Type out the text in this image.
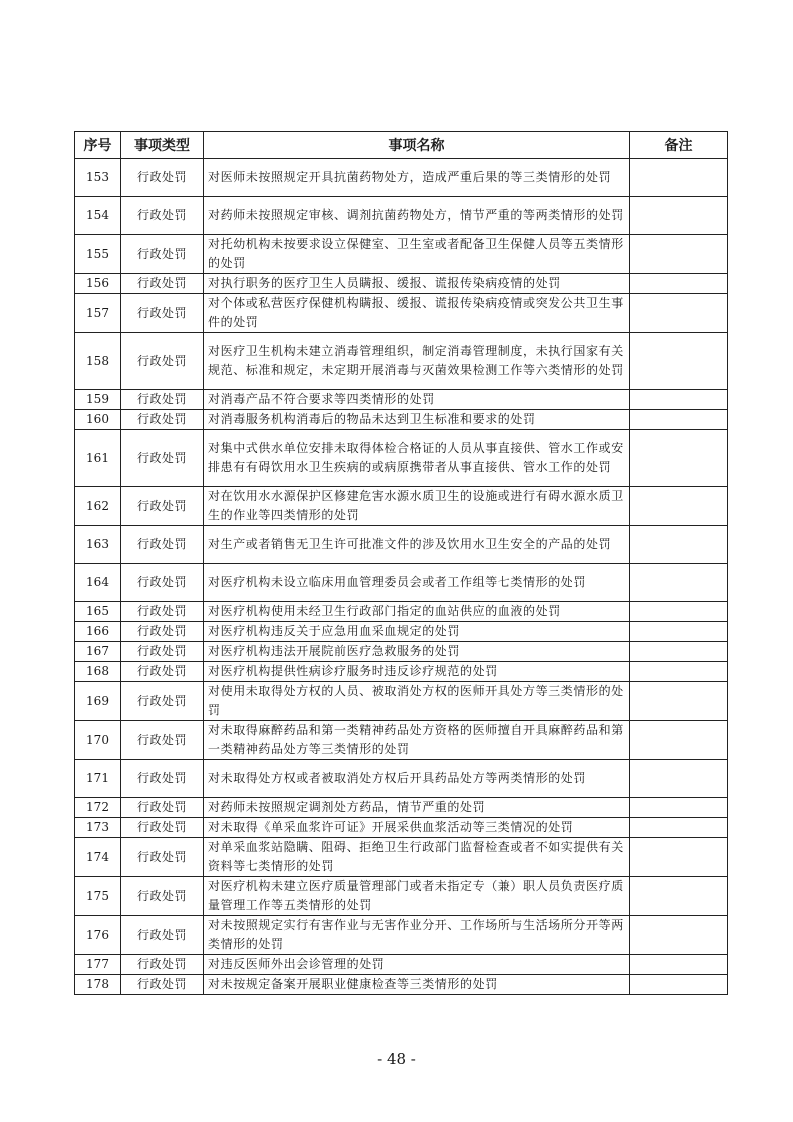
序号	事项类型	事项名称	备注
153	行政处罚	对医师未按照规定开具抗菌药物处方，造成严重后果的等三类情形的处罚	
154	行政处罚	对药师未按照规定审核、调剂抗菌药物处方，情节严重的等两类情形的处罚	
155	行政处罚	对托幼机构未按要求设立保健室、卫生室或者配备卫生保健人员等五类情形的处罚	
156	行政处罚	对执行职务的医疗卫生人员瞒报、缓报、谎报传染病疫情的处罚	
157	行政处罚	对个体或私营医疗保健机构瞒报、缓报、谎报传染病疫情或突发公共卫生事件的处罚	
158	行政处罚	对医疗卫生机构未建立消毒管理组织，制定消毒管理制度，未执行国家有关规范、标准和规定，未定期开展消毒与灭菌效果检测工作等六类情形的处罚	
159	行政处罚	对消毒产品不符合要求等四类情形的处罚	
160	行政处罚	对消毒服务机构消毒后的物品未达到卫生标准和要求的处罚	
161	行政处罚	对集中式供水单位安排未取得体检合格证的人员从事直接供、管水工作或安排患有有碍饮用水卫生疾病的或病原携带者从事直接供、管水工作的处罚	
162	行政处罚	对在饮用水水源保护区修建危害水源水质卫生的设施或进行有碍水源水质卫生的作业等四类情形的处罚	
163	行政处罚	对生产或者销售无卫生许可批准文件的涉及饮用水卫生安全的产品的处罚	
164	行政处罚	对医疗机构未设立临床用血管理委员会或者工作组等七类情形的处罚	
165	行政处罚	对医疗机构使用未经卫生行政部门指定的血站供应的血液的处罚	
166	行政处罚	对医疗机构违反关于应急用血采血规定的处罚	
167	行政处罚	对医疗机构违法开展院前医疗急救服务的处罚	
168	行政处罚	对医疗机构提供性病诊疗服务时违反诊疗规范的处罚	
169	行政处罚	对使用未取得处方权的人员、被取消处方权的医师开具处方等三类情形的处罚	
170	行政处罚	对未取得麻醉药品和第一类精神药品处方资格的医师擅自开具麻醉药品和第一类精神药品处方等三类情形的处罚	
171	行政处罚	对未取得处方权或者被取消处方权后开具药品处方等两类情形的处罚	
172	行政处罚	对药师未按照规定调剂处方药品，情节严重的处罚	
173	行政处罚	对未取得《单采血浆许可证》开展采供血浆活动等三类情况的处罚	
174	行政处罚	对单采血浆站隐瞒、阻碍、拒绝卫生行政部门监督检查或者不如实提供有关资料等七类情形的处罚	
175	行政处罚	对医疗机构未建立医疗质量管理部门或者未指定专（兼）职人员负责医疗质量管理工作等五类情形的处罚	
176	行政处罚	对未按照规定实行有害作业与无害作业分开、工作场所与生活场所分开等两类情形的处罚	
177	行政处罚	对违反医师外出会诊管理的处罚	
178	行政处罚	对未按规定备案开展职业健康检查等三类情形的处罚	
- 48 -
